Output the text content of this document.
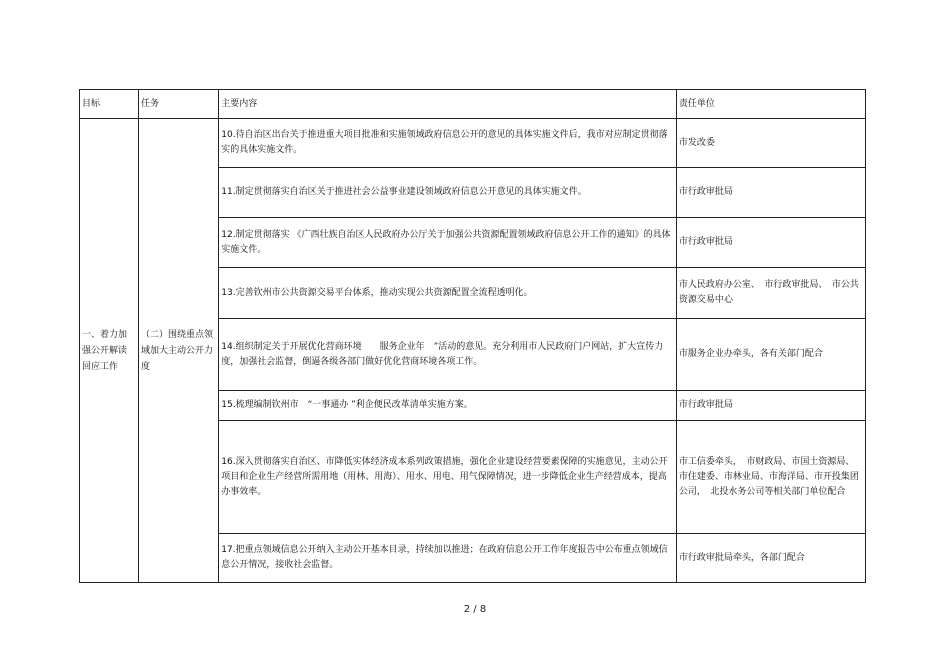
目标	任务	主要内容	责任单位

一、着力加强公开解读回应工作	（二）围绕重点领域加大主动公开力度	10.待自治区出台关于推进重大项目批准和实施领域政府信息公开的意见的具体实施文件后，我市对应制定贯彻落实的具体实施文件。	市发改委
		11.制定贯彻落实自治区关于推进社会公益事业建设领域政府信息公开意见的具体实施文件。	市行政审批局
		12.制定贯彻落实 《广西壮族自治区人民政府办公厅关于加强公共资源配置领域政府信息公开工作的通知》的具体实施文件。	市行政审批局
		13.完善钦州市公共资源交易平台体系，推动实现公共资源配置全流程透明化。	市人民政府办公室、　市行政审批局、　市公共资源交易中心
		14.组织制定关于开展优化营商环境　　服务企业年　”活动的意见。充分利用市人民政府门户网站，扩大宣传力度，加强社会监督，倒逼各级各部门做好优化营商环境各项工作。	市服务企业办牵头，各有关部门配合
		15.梳理编制钦州市　“一事通办 ”利企便民改革清单实施方案。	市行政审批局
		16.深入贯彻落实自治区、市降低实体经济成本系列政策措施，强化企业建设经营要素保障的实施意见，主动公开项目和企业生产经营所需用地（用林、用海）、用水、用电、用气保障情况，进一步降低企业生产经营成本，提高办事效率。	市工信委牵头，　市财政局、市国土资源局、市住建委、市林业局、市海洋局、市开投集团公司，　北投水务公司等相关部门单位配合
		17.把重点领域信息公开纳入主动公开基本目录，持续加以推进；在政府信息公开工作年度报告中公布重点领域信息公开情况，接收社会监督。	市行政审批局牵头，各部门配合
2 / 8
